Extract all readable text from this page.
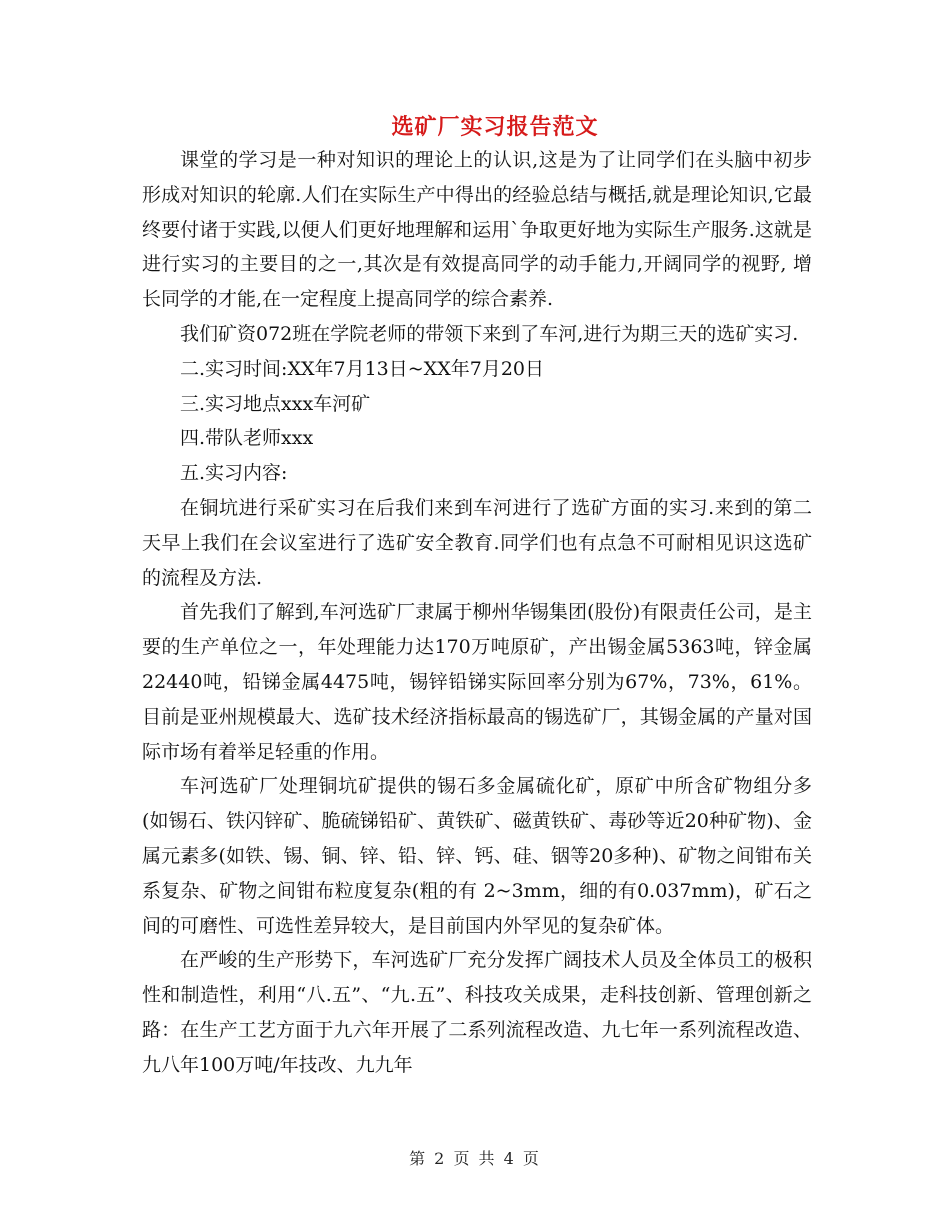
选矿厂实习报告范文

课堂的学习是一种对知识的理论上的认识,这是为了让同学们在头脑中初步形成对知识的轮廓.人们在实际生产中得出的经验总结与概括,就是理论知识,它最终要付诸于实践,以便人们更好地理解和运用`争取更好地为实际生产服务.这就是进行实习的主要目的之一,其次是有效提高同学的动手能力,开阔同学的视野, 增长同学的才能,在一定程度上提高同学的综合素养.

我们矿资072班在学院老师的带领下来到了车河,进行为期三天的选矿实习.

二.实习时间:XX年7月13日~XX年7月20日

三.实习地点xxx车河矿

四.带队老师xxx

五.实习内容:

在铜坑进行采矿实习在后我们来到车河进行了选矿方面的实习.来到的第二天早上我们在会议室进行了选矿安全教育.同学们也有点急不可耐相见识这选矿的流程及方法.

首先我们了解到,车河选矿厂隶属于柳州华锡集团(股份)有限责任公司，是主要的生产单位之一，年处理能力达170万吨原矿，产出锡金属5363吨，锌金属 22440吨，铅锑金属4475吨，锡锌铅锑实际回率分别为67%，73%，61%。目前是亚州规模最大、选矿技术经济指标最高的锡选矿厂，其锡金属的产量对国际市场有着举足轻重的作用。

车河选矿厂处理铜坑矿提供的锡石多金属硫化矿，原矿中所含矿物组分多(如锡石、铁闪锌矿、脆硫锑铅矿、黄铁矿、磁黄铁矿、毒砂等近20种矿物)、金属元素多(如铁、锡、铜、锌、铅、锌、钙、硅、铟等20多种)、矿物之间钳布关系复杂、矿物之间钳布粒度复杂(粗的有 2~3mm，细的有0.037mm)，矿石之间的可磨性、可选性差异较大，是目前国内外罕见的复杂矿体。

在严峻的生产形势下，车河选矿厂充分发挥广阔技术人员及全体员工的极积性和制造性，利用“八.五”、“九.五”、科技攻关成果，走科技创新、管理创新之路：在生产工艺方面于九六年开展了二系列流程改造、九七年一系列流程改造、九八年100万吨/年技改、九九年

第 2 页 共 4 页
